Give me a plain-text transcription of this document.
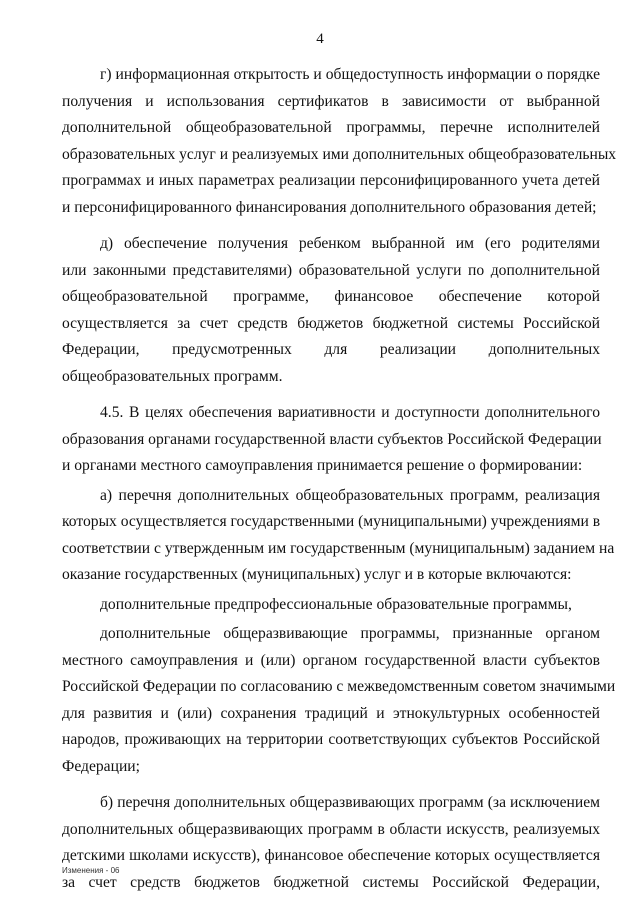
4
г) информационная открытость и общедоступность информации о порядке
получения и использования сертификатов в зависимости от выбранной
дополнительной общеобразовательной программы, перечне исполнителей
образовательных услуг и реализуемых ими дополнительных общеобразовательных
программах и иных параметрах реализации персонифицированного учета детей
и персонифицированного финансирования дополнительного образования детей;
д) обеспечение получения ребенком выбранной им (его родителями
или законными представителями) образовательной услуги по дополнительной
общеобразовательной программе, финансовое обеспечение которой
осуществляется за счет средств бюджетов бюджетной системы Российской
Федерации, предусмотренных для реализации дополнительных
общеобразовательных программ.
4.5. В целях обеспечения вариативности и доступности дополнительного
образования органами государственной власти субъектов Российской Федерации
и органами местного самоуправления принимается решение о формировании:
а) перечня дополнительных общеобразовательных программ, реализация
которых осуществляется государственными (муниципальными) учреждениями в
соответствии с утвержденным им государственным (муниципальным) заданием на
оказание государственных (муниципальных) услуг и в которые включаются:
дополнительные предпрофессиональные образовательные программы,
дополнительные общеразвивающие программы, признанные органом
местного самоуправления и (или) органом государственной власти субъектов
Российской Федерации по согласованию с межведомственным советом значимыми
для развития и (или) сохранения традиций и этнокультурных особенностей
народов, проживающих на территории соответствующих субъектов Российской
Федерации;
б) перечня дополнительных общеразвивающих программ (за исключением
дополнительных общеразвивающих программ в области искусств, реализуемых
детскими школами искусств), финансовое обеспечение которых осуществляется
за счет средств бюджетов бюджетной системы Российской Федерации,
Изменения - 06
